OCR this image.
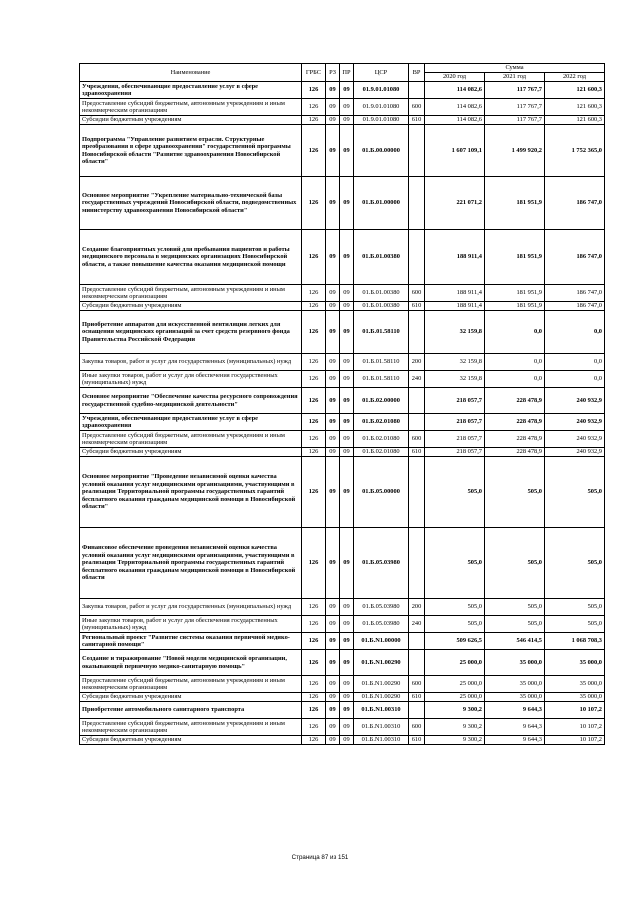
Наименование	ГРБС	РЗ	ПР	ЦСР	ВР	Сумма		
						2020 год	2021 год	2022 год
Учреждения, обеспечивающие предоставление услуг в сфере здравоохранения	126	09	09	01.9.01.01080		114 082,6	117 767,7	121 600,3
Предоставление субсидий бюджетным, автономным учреждениям и иным некоммерческим организациям	126	09	09	01.9.01.01080	600	114 082,6	117 767,7	121 600,3
Субсидии бюджетным учреждениям	126	09	09	01.9.01.01080	610	114 082,6	117 767,7	121 600,3
Подпрограмма "Управление развитием отрасли. Структурные преобразования в сфере здравоохранения" государственной программы Новосибирской области "Развитие здравоохранения Новосибирской области"	126	09	09	01.Б.00.00000		1 607 109,1	1 499 920,2	1 752 365,0
Основное мероприятие "Укрепление материально-технической базы государственных учреждений Новосибирской области, подведомственных министерству здравоохранения Новосибирской области"	126	09	09	01.Б.01.00000		221 071,2	181 951,9	186 747,0
Создание благоприятных условий для пребывания пациентов и работы медицинского персонала в медицинских организациях Новосибирской области, а также повышение качества оказания медицинской помощи	126	09	09	01.Б.01.00380		188 911,4	181 951,9	186 747,0
Предоставление субсидий бюджетным, автономным учреждениям и иным некоммерческим организациям	126	09	09	01.Б.01.00380	600	188 911,4	181 951,9	186 747,0
Субсидии бюджетным учреждениям	126	09	09	01.Б.01.00380	610	188 911,4	181 951,9	186 747,0
Приобретение аппаратов для искусственной вентиляции легких для оснащения медицинских организаций за счет средств резервного фонда Правительства Российской Федерации	126	09	09	01.Б.01.58110		32 159,8	0,0	0,0
Закупка товаров, работ и услуг для государственных (муниципальных) нужд	126	09	09	01.Б.01.58110	200	32 159,8	0,0	0,0
Иные закупки товаров, работ и услуг для обеспечения государственных (муниципальных) нужд	126	09	09	01.Б.01.58110	240	32 159,8	0,0	0,0
Основное мероприятие "Обеспечение качества ресурсного сопровождения государственной судебно-медицинской деятельности"	126	09	09	01.Б.02.00000		218 057,7	228 478,9	240 932,9
Учреждения, обеспечивающие предоставление услуг в сфере здравоохранения	126	09	09	01.Б.02.01080		218 057,7	228 478,9	240 932,9
Предоставление субсидий бюджетным, автономным учреждениям и иным некоммерческим организациям	126	09	09	01.Б.02.01080	600	218 057,7	228 478,9	240 932,9
Субсидии бюджетным учреждениям	126	09	09	01.Б.02.01080	610	218 057,7	228 478,9	240 932,9
Основное мероприятие "Проведение независимой оценки качества условий оказания услуг медицинскими организациями, участвующими в реализации Территориальной программы государственных гарантий бесплатного оказания гражданам медицинской помощи в Новосибирской области"	126	09	09	01.Б.05.00000		505,0	505,0	505,0
Финансовое обеспечение проведения независимой оценки качества условий оказания услуг медицинскими организациями, участвующими в реализации Территориальной программы государственных гарантий бесплатного оказания гражданам медицинской помощи в Новосибирской области	126	09	09	01.Б.05.03980		505,0	505,0	505,0
Закупка товаров, работ и услуг для государственных (муниципальных) нужд	126	09	09	01.Б.05.03980	200	505,0	505,0	505,0
Иные закупки товаров, работ и услуг для обеспечения государственных (муниципальных) нужд	126	09	09	01.Б.05.03980	240	505,0	505,0	505,0
Региональный проект "Развитие системы оказания первичной медико-санитарной помощи"	126	09	09	01.Б.N1.00000		509 626,5	546 414,5	1 068 708,3
Создание и тиражирование "Новой модели медицинской организации, оказывающей первичную медико-санитарную помощь"	126	09	09	01.Б.N1.00290		25 000,0	35 000,0	35 000,0
Предоставление субсидий бюджетным, автономным учреждениям и иным некоммерческим организациям	126	09	09	01.Б.N1.00290	600	25 000,0	35 000,0	35 000,0
Субсидии бюджетным учреждениям	126	09	09	01.Б.N1.00290	610	25 000,0	35 000,0	35 000,0
Приобретение автомобильного санитарного транспорта	126	09	09	01.Б.N1.00310		9 300,2	9 644,3	10 107,2
Предоставление субсидий бюджетным, автономным учреждениям и иным некоммерческим организациям	126	09	09	01.Б.N1.00310	600	9 300,2	9 644,3	10 107,2
Субсидии бюджетным учреждениям	126	09	09	01.Б.N1.00310	610	9 300,2	9 644,3	10 107,2
Страница 87 из 151
